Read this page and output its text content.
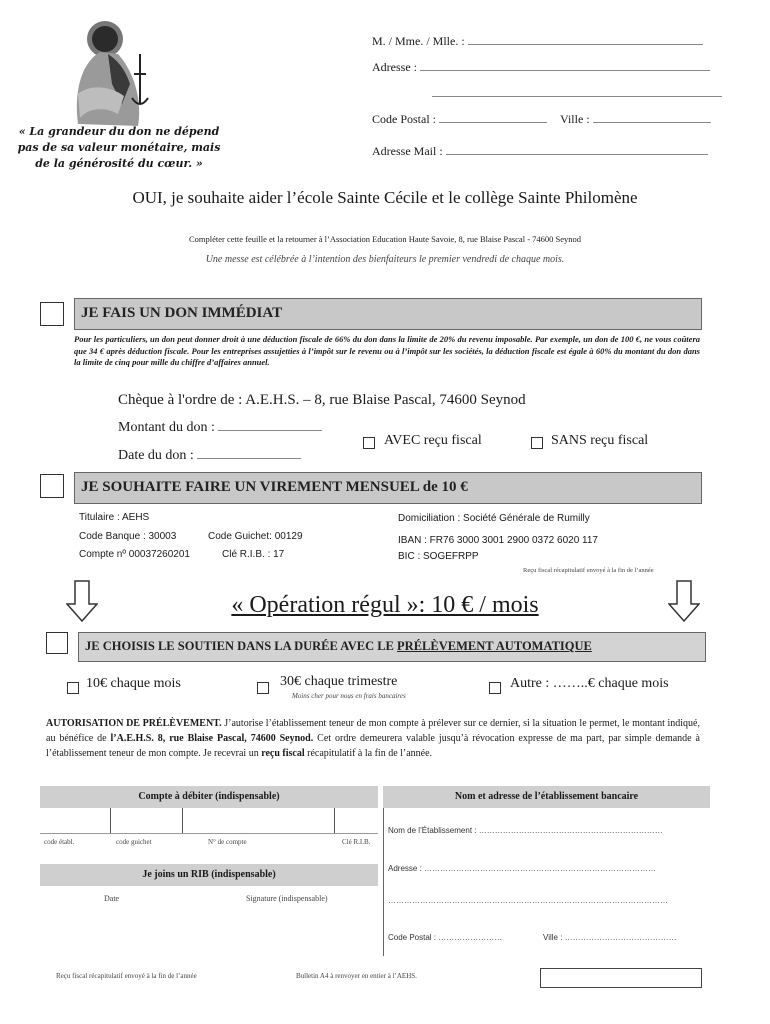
« La grandeur du don ne dépend
pas de sa valeur monétaire, mais
de la générosité du cœur. »
M. / Mme. / Mlle. :
Adresse :
Code Postal :	Ville :
Adresse Mail :
OUI, je souhaite aider l’école Sainte Cécile et le collège Sainte Philomène
Compléter cette feuille et la retourner à l’Association Education Haute Savoie, 8, rue Blaise Pascal - 74600 Seynod
Une messe est célébrée à l’intention des bienfaiteurs le premier vendredi de chaque mois.
JE FAIS UN DON IMMÉDIAT
Pour les particuliers, un don peut donner droit à une déduction fiscale de 66% du don dans la limite de 20% du revenu imposable. Par exemple, un don de 100 €, ne vous coûtera que 34 € après déduction fiscale. Pour les entreprises assujetties à l’impôt sur le revenu ou à l’impôt sur les sociétés, la déduction fiscale est égale à 60% du montant du don dans la limite de cinq pour mille du chiffre d’affaires annuel.
Chèque à l'ordre de : A.E.H.S. – 8, rue Blaise Pascal, 74600 Seynod
Montant du don :
Date du don :
AVEC reçu fiscal	SANS reçu fiscal
JE SOUHAITE FAIRE UN VIREMENT MENSUEL de 10 €
Titulaire : AEHS
Code Banque : 30003	Code Guichet: 00129
Compte nº 00037260201	Clé R.I.B. : 17
Domiciliation : Société Générale de Rumilly
IBAN : FR76 3000 3001 2900 0372 6020 117
BIC : SOGEFRPP
Reçu fiscal récapitulatif envoyé à la fin de l’année
« Opération régul »: 10 € / mois
JE CHOISIS LE SOUTIEN DANS LA DURÉE AVEC LE PRÉLÈVEMENT AUTOMATIQUE
10€ chaque mois	30€ chaque trimestre
Moins cher pour nous en frais bancaires
Autre : ……..€ chaque mois
AUTORISATION DE PRÉLÈVEMENT. J’autorise l’établissement teneur de mon compte à prélever sur ce dernier, si la situation le permet, le montant indiqué, au bénéfice de l’A.E.H.S. 8, rue Blaise Pascal, 74600 Seynod. Cet ordre demeurera valable jusqu’à révocation expresse de ma part, par simple demande à l’établissement teneur de mon compte. Je recevrai un reçu fiscal récapitulatif à la fin de l’année.
Compte à débiter (indispensable)
code établ.	code guichet	N° de compte	Clé R.I.B.
Je joins un RIB (indispensable)
Date	Signature (indispensable)
Nom et adresse de l’établissement bancaire
Nom de l’Établissement : ……………………………………………………………
Adresse : ……………………………………………………………………………
……………………………………………………………………………………………
Code Postal : ……………………	Ville : ……………………………………
Reçu fiscal récapitulatif envoyé à la fin de l’année	Bulletin A4 à renvoyer en entier à l’AEHS.
